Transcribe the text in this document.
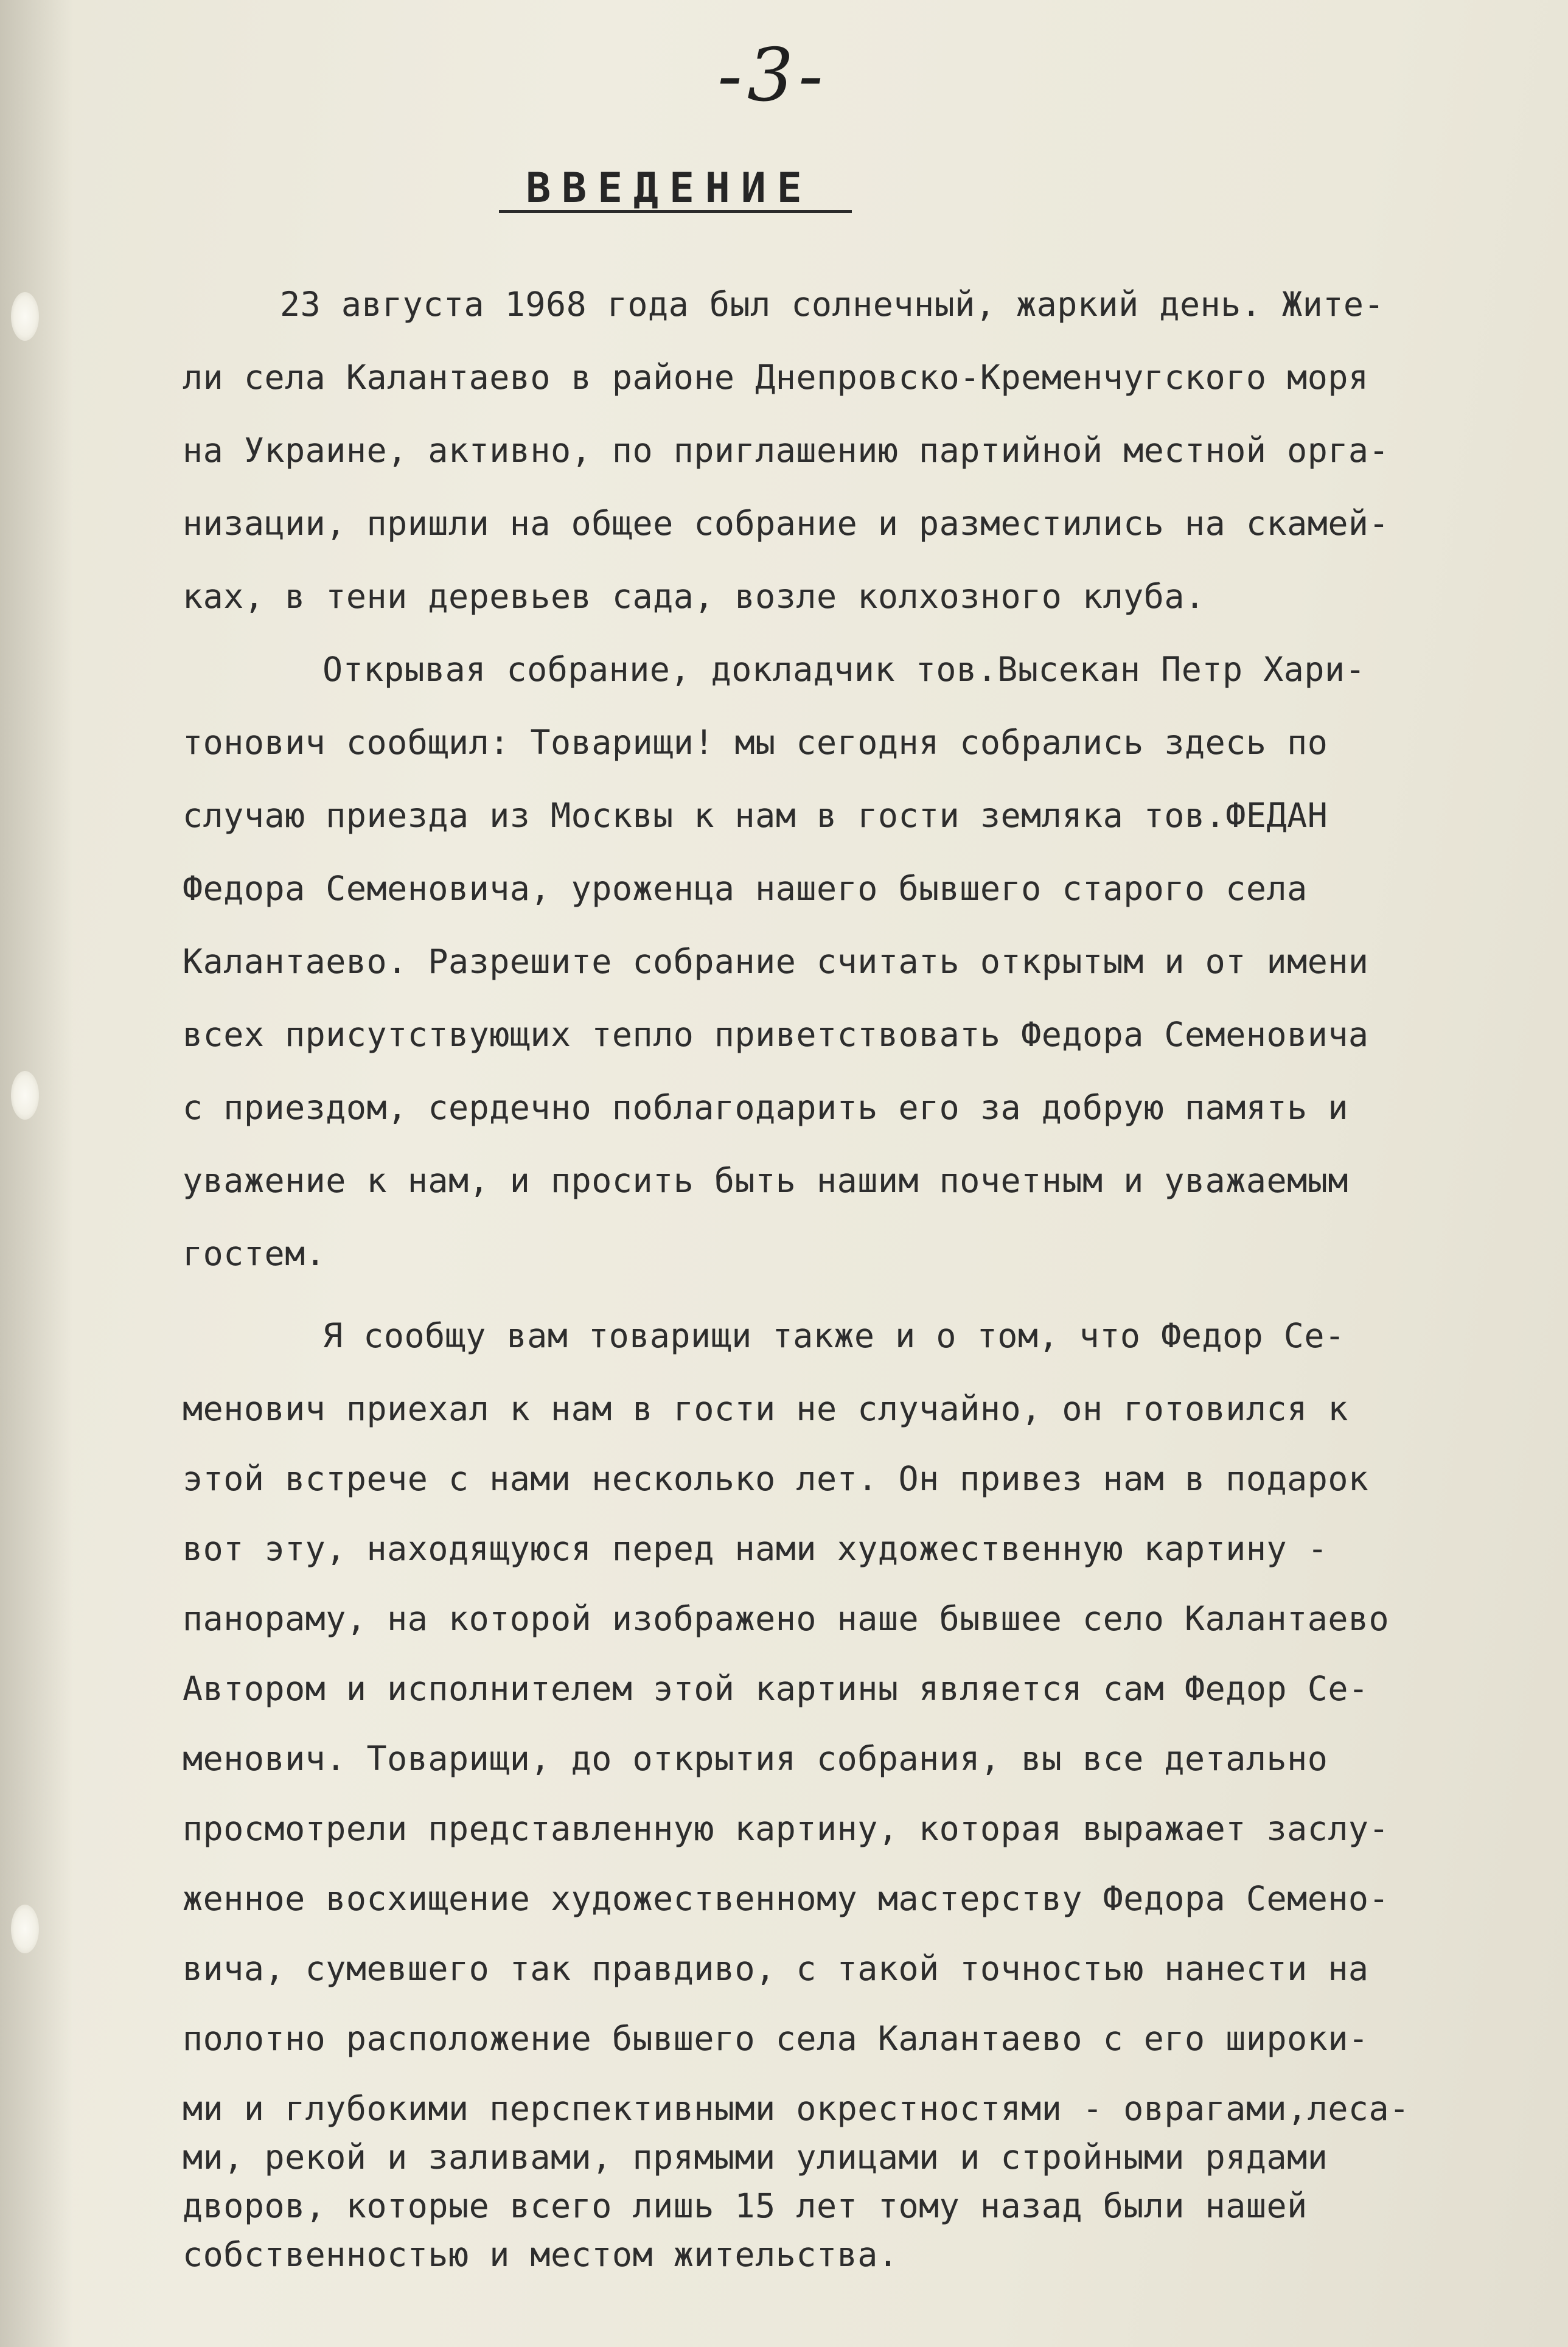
-3-
ВВЕДЕНИЕ
23 августа 1968 года был солнечный, жаркий день. Жите-
ли села Калантаево в районе Днепровско-Кременчугского моря
на Украине, активно, по приглашению партийной местной орга-
низации, пришли на общее собрание и разместились на скамей-
ках, в тени деревьев сада, возле колхозного клуба.
Открывая собрание, докладчик тов.Высекан Петр Хари-
тонович сообщил: Товарищи! мы сегодня собрались здесь по
случаю приезда из Москвы к нам в гости земляка тов.ФЕДАН
Федора Семеновича, уроженца нашего бывшего старого села
Калантаево. Разрешите собрание считать открытым и от имени
всех присутствующих тепло приветствовать Федора Семеновича
с приездом, сердечно поблагодарить его за добрую память и
уважение к нам, и просить быть нашим почетным и уважаемым
гостем.
Я сообщу вам товарищи также и о том, что Федор Се-
менович приехал к нам в гости не случайно, он готовился к
этой встрече с нами несколько лет. Он привез нам в подарок
вот эту, находящуюся перед нами художественную картину -
панораму, на которой изображено наше бывшее село Калантаево
Автором и исполнителем этой картины является сам Федор Се-
менович. Товарищи, до открытия собрания, вы все детально
просмотрели представленную картину, которая выражает заслу-
женное восхищение художественному мастерству Федора Семено-
вича, сумевшего так правдиво, с такой точностью нанести на
полотно расположение бывшего села Калантаево с его широки-
ми и глубокими перспективными окрестностями - оврагами,леса-
ми, рекой и заливами, прямыми улицами и стройными рядами
дворов, которые всего лишь 15 лет тому назад были нашей
собственностью и местом жительства.
